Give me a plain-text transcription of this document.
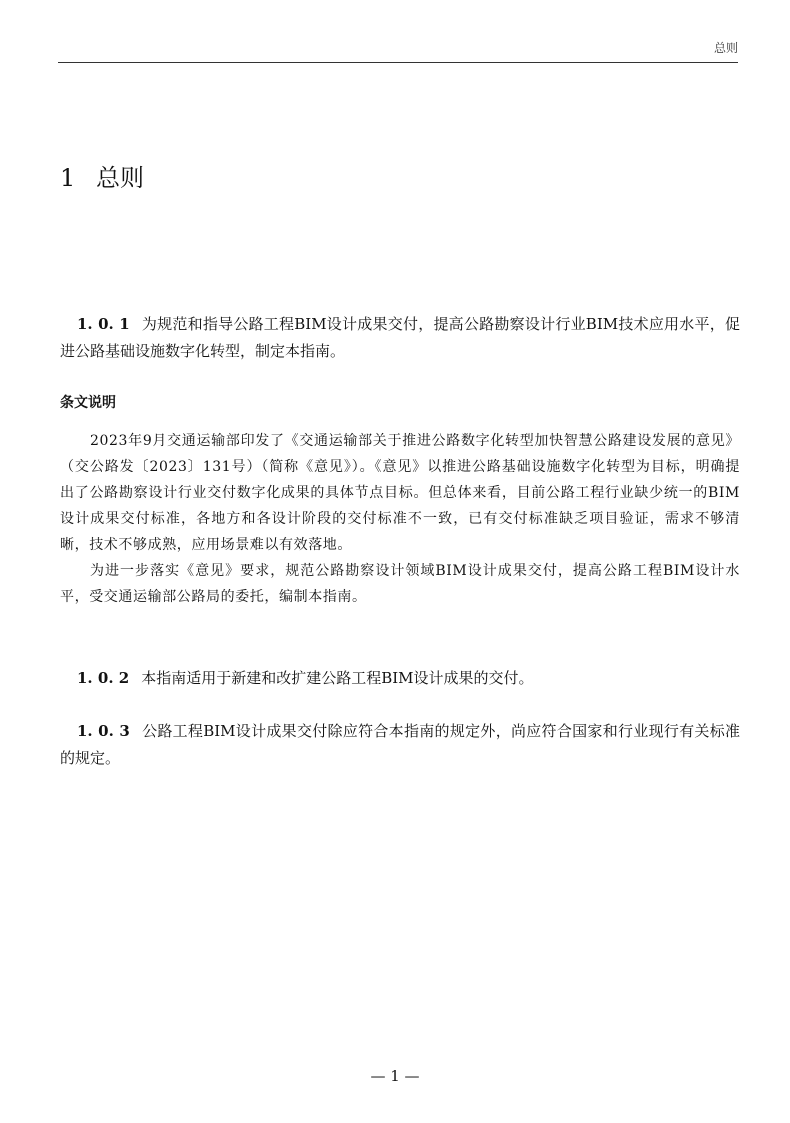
总则
1 总则

1. 0. 1 为规范和指导公路工程BIM设计成果交付，提高公路勘察设计行业BIM技术应用水平，促进公路基础设施数字化转型，制定本指南。

条文说明

2023年9月交通运输部印发了《交通运输部关于推进公路数字化转型加快智慧公路建设发展的意见》（交公路发〔2023〕131号）（简称《意见》）。《意见》以推进公路基础设施数字化转型为目标，明确提出了公路勘察设计行业交付数字化成果的具体节点目标。但总体来看，目前公路工程行业缺少统一的BIM设计成果交付标准，各地方和各设计阶段的交付标准不一致，已有交付标准缺乏项目验证，需求不够清晰，技术不够成熟，应用场景难以有效落地。

为进一步落实《意见》要求，规范公路勘察设计领域BIM设计成果交付，提高公路工程BIM设计水平，受交通运输部公路局的委托，编制本指南。

1. 0. 2 本指南适用于新建和改扩建公路工程BIM设计成果的交付。

1. 0. 3 公路工程BIM设计成果交付除应符合本指南的规定外，尚应符合国家和行业现行有关标准的规定。

— 1 —
